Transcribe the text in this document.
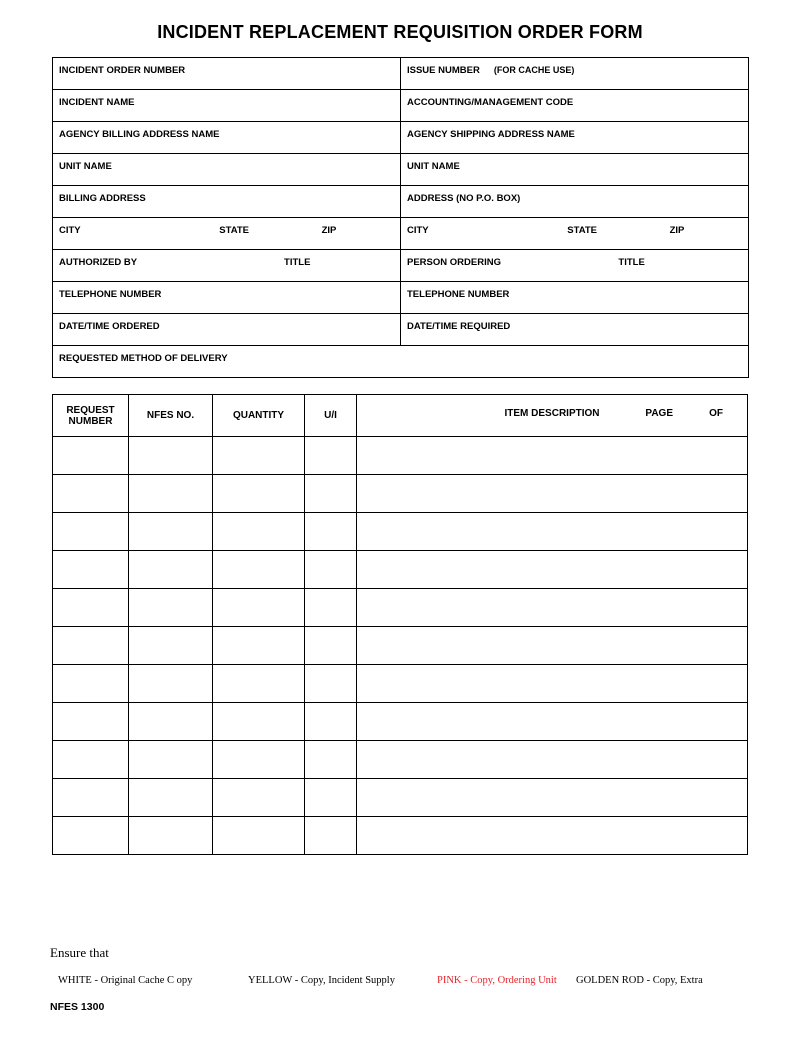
INCIDENT REPLACEMENT REQUISITION ORDER FORM
INCIDENT ORDER NUMBER	ISSUE NUMBER (FOR CACHE USE)
INCIDENT NAME	ACCOUNTING/MANAGEMENT CODE
AGENCY BILLING ADDRESS NAME	AGENCY SHIPPING ADDRESS NAME
UNIT NAME	UNIT NAME
BILLING ADDRESS	ADDRESS (NO P.O. BOX)

CITY STATE ZIP	CITY STATE ZIP

AUTHORIZED BY TITLE	PERSON ORDERING TITLE

TELEPHONE NUMBER	TELEPHONE NUMBER
DATE/TIME ORDERED	DATE/TIME REQUIRED
REQUESTED METHOD OF DELIVERY	
REQUEST
NUMBER	NFES NO.	QUANTITY	U/I	ITEM DESCRIPTION	PAGE	OF

Ensure that
WHITE - Original Cache C opy	YELLOW - Copy, Incident Supply	PINK - Copy, Ordering Unit GOLDEN ROD - Copy, Extra
NFES 1300
